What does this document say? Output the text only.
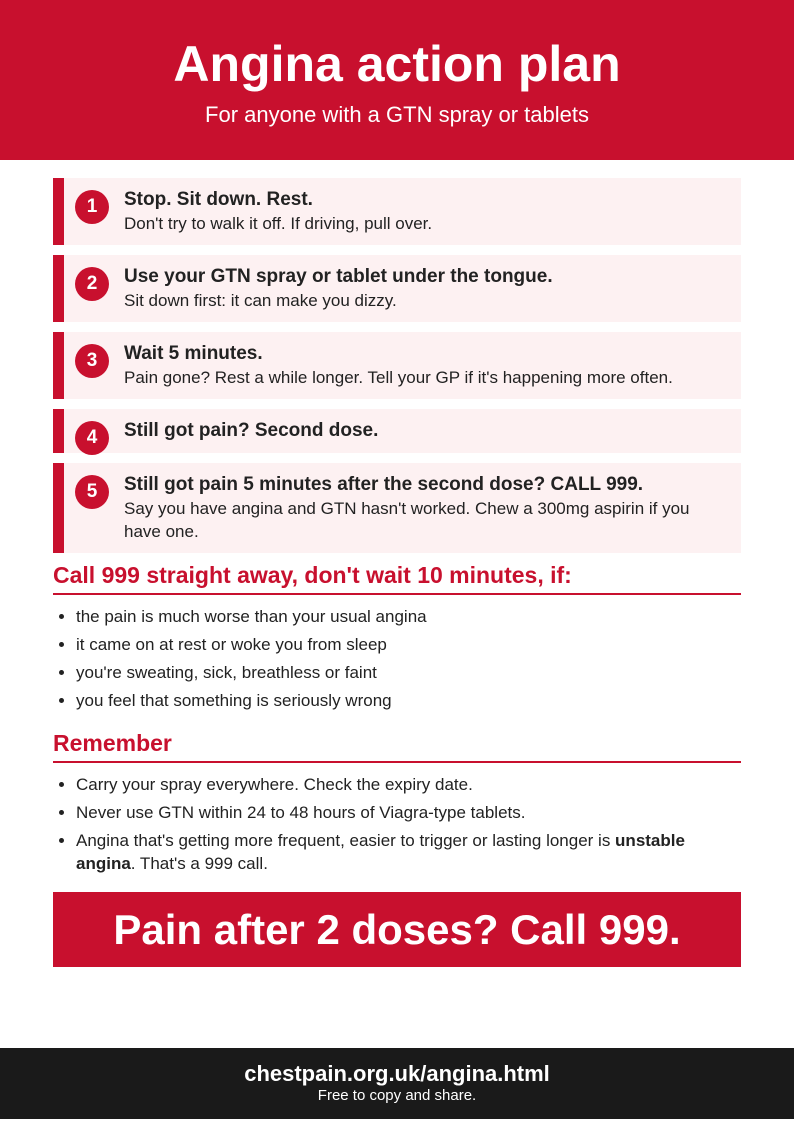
Angina action plan
For anyone with a GTN spray or tablets
1	Stop. Sit down. Rest.
Don't try to walk it off. If driving, pull over.
2	Use your GTN spray or tablet under the tongue.
Sit down first: it can make you dizzy.
3	Wait 5 minutes.
Pain gone? Rest a while longer. Tell your GP if it's happening more often.
4	Still got pain? Second dose.
5	Still got pain 5 minutes after the second dose? CALL 999.
Say you have angina and GTN hasn't worked. Chew a 300mg aspirin if you have one.
Call 999 straight away, don't wait 10 minutes, if:
• the pain is much worse than your usual angina
• it came on at rest or woke you from sleep
• you're sweating, sick, breathless or faint
• you feel that something is seriously wrong
Remember
• Carry your spray everywhere. Check the expiry date.
• Never use GTN within 24 to 48 hours of Viagra-type tablets.
• Angina that's getting more frequent, easier to trigger or lasting longer is unstable angina. That's a 999 call.
Pain after 2 doses? Call 999.
chestpain.org.uk/angina.html
Free to copy and share.
